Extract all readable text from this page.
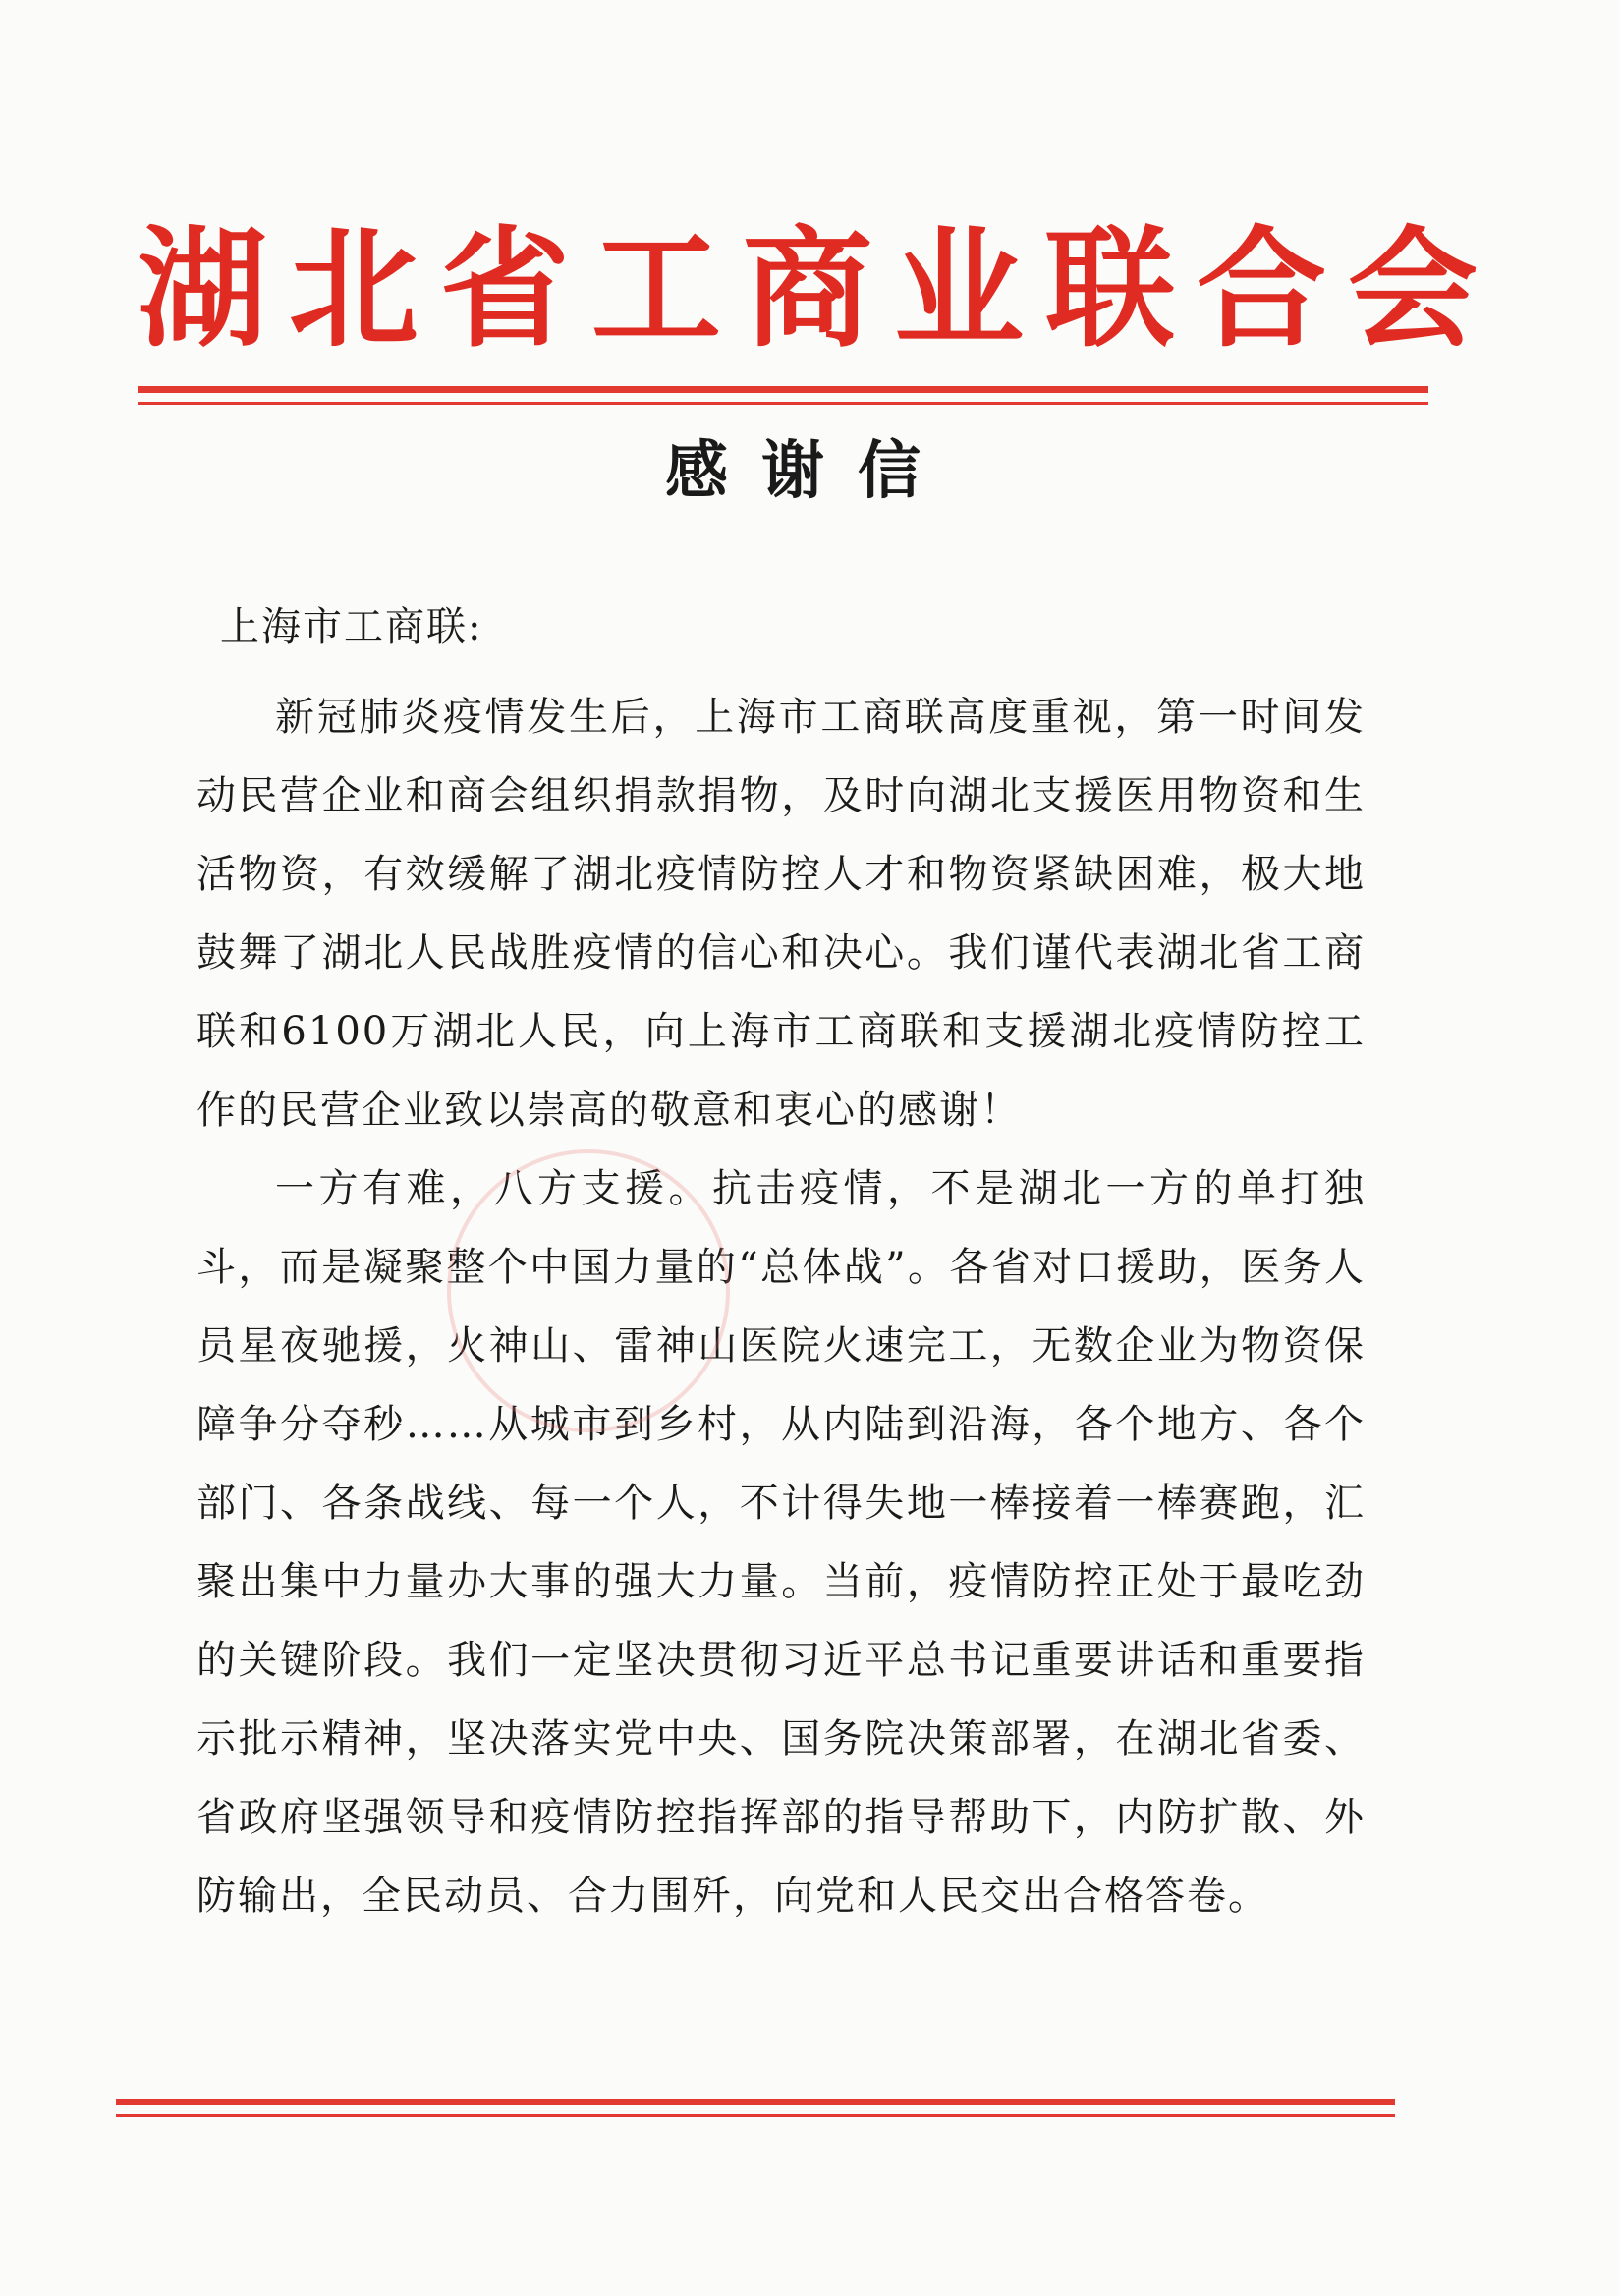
湖北省工商业联合会
感谢信
上海市工商联:

新冠肺炎疫情发生后，上海市工商联高度重视，第一时间发动民营企业和商会组织捐款捐物，及时向湖北支援医用物资和生活物资，有效缓解了湖北疫情防控人才和物资紧缺困难，极大地鼓舞了湖北人民战胜疫情的信心和决心。我们谨代表湖北省工商联和6100万湖北人民，向上海市工商联和支援湖北疫情防控工作的民营企业致以崇高的敬意和衷心的感谢！

一方有难，八方支援。抗击疫情，不是湖北一方的单打独斗，而是凝聚整个中国力量的“总体战”。各省对口援助，医务人员星夜驰援，火神山、雷神山医院火速完工，无数企业为物资保障争分夺秒……从城市到乡村，从内陆到沿海，各个地方、各个部门、各条战线、每一个人，不计得失地一棒接着一棒赛跑，汇聚出集中力量办大事的强大力量。当前，疫情防控正处于最吃劲的关键阶段。我们一定坚决贯彻习近平总书记重要讲话和重要指示批示精神，坚决落实党中央、国务院决策部署，在湖北省委、省政府坚强领导和疫情防控指挥部的指导帮助下，内防扩散、外防输出，全民动员、合力围歼，向党和人民交出合格答卷。
